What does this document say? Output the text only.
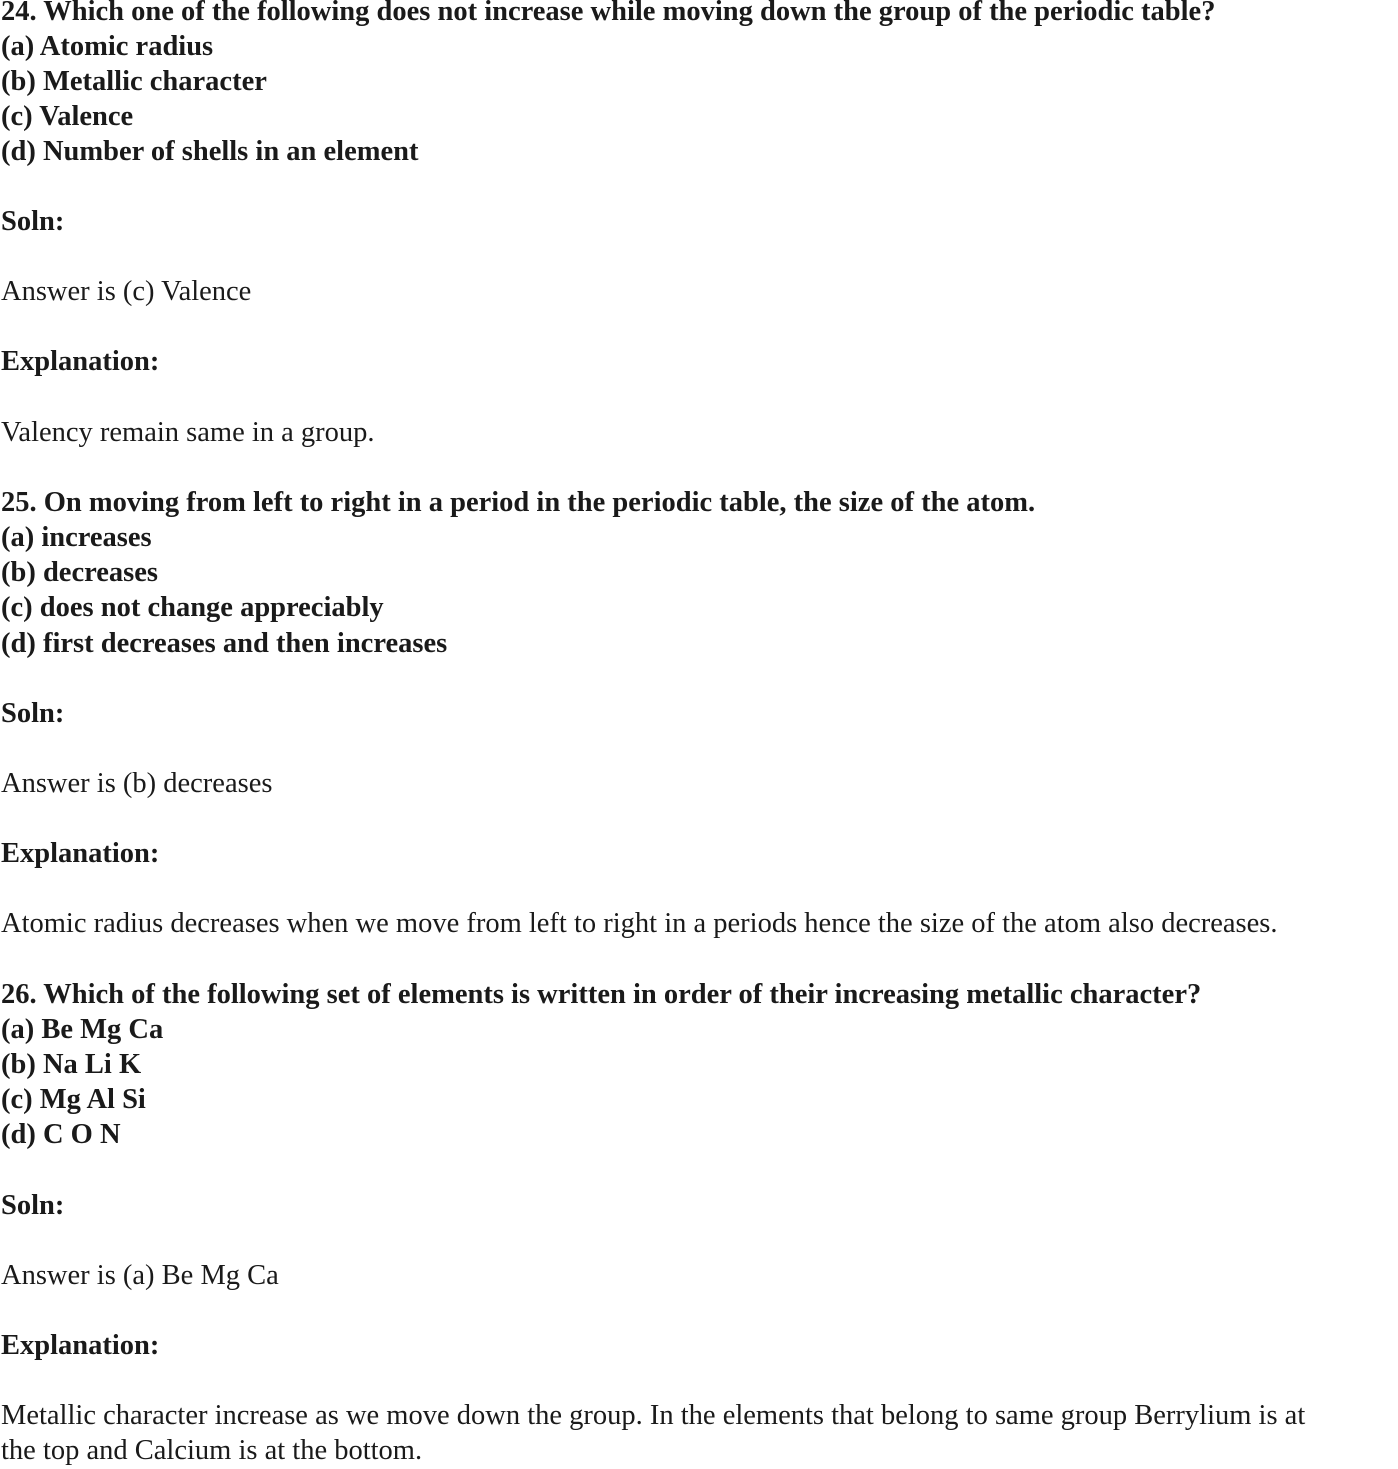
24. Which one of the following does not increase while moving down the group of the periodic table?
(a) Atomic radius
(b) Metallic character
(c) Valence
(d) Number of shells in an element
Soln:
Answer is (c) Valence
Explanation:
Valency remain same in a group.
25. On moving from left to right in a period in the periodic table, the size of the atom.
(a) increases
(b) decreases
(c) does not change appreciably
(d) first decreases and then increases
Soln:
Answer is (b) decreases
Explanation:
Atomic radius decreases when we move from left to right in a periods hence the size of the atom also decreases.
26. Which of the following set of elements is written in order of their increasing metallic character?
(a) Be Mg Ca
(b) Na Li K
(c) Mg Al Si
(d) C O N
Soln:
Answer is (a) Be Mg Ca
Explanation:
Metallic character increase as we move down the group. In the elements that belong to same group Berrylium is at
the top and Calcium is at the bottom.
